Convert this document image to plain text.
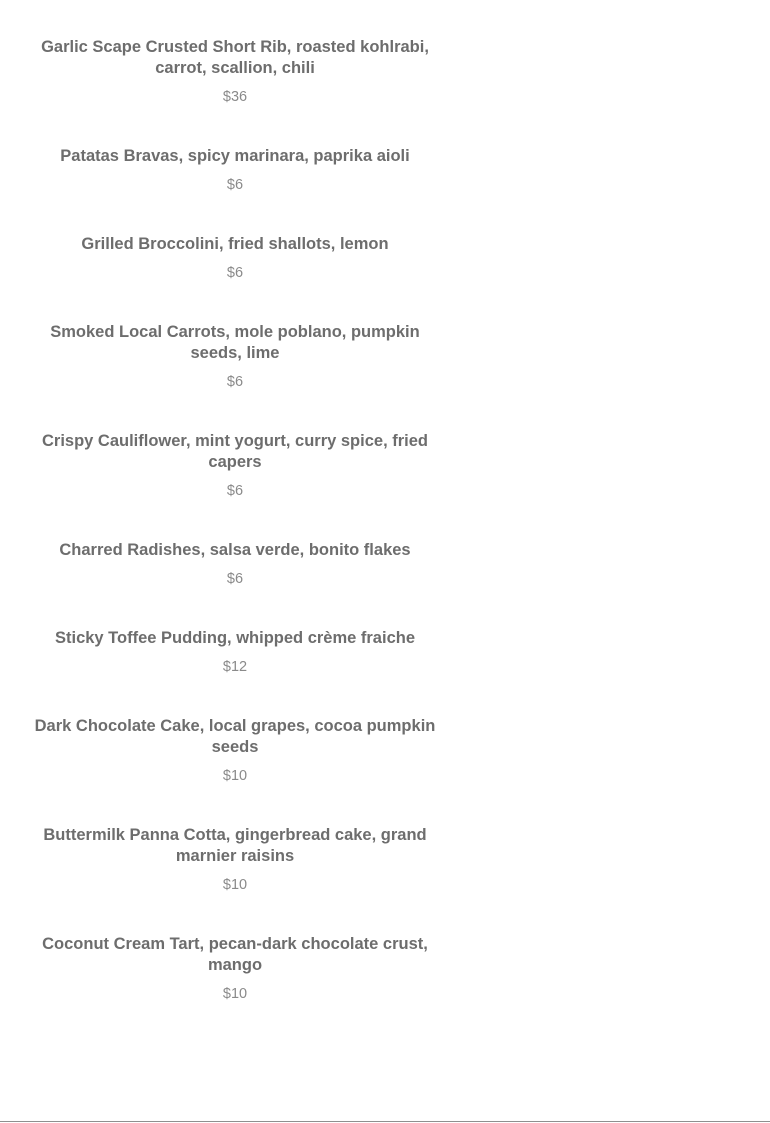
Garlic Scape Crusted Short Rib, roasted kohlrabi, carrot, scallion, chili
$36
Patatas Bravas, spicy marinara, paprika aioli
$6
Grilled Broccolini, fried shallots, lemon
$6
Smoked Local Carrots, mole poblano, pumpkin seeds, lime
$6
Crispy Cauliflower, mint yogurt, curry spice, fried capers
$6
Charred Radishes, salsa verde, bonito flakes
$6
Sticky Toffee Pudding, whipped crème fraiche
$12
Dark Chocolate Cake, local grapes, cocoa pumpkin seeds
$10
Buttermilk Panna Cotta, gingerbread cake, grand marnier raisins
$10
Coconut Cream Tart, pecan-dark chocolate crust, mango
$10
